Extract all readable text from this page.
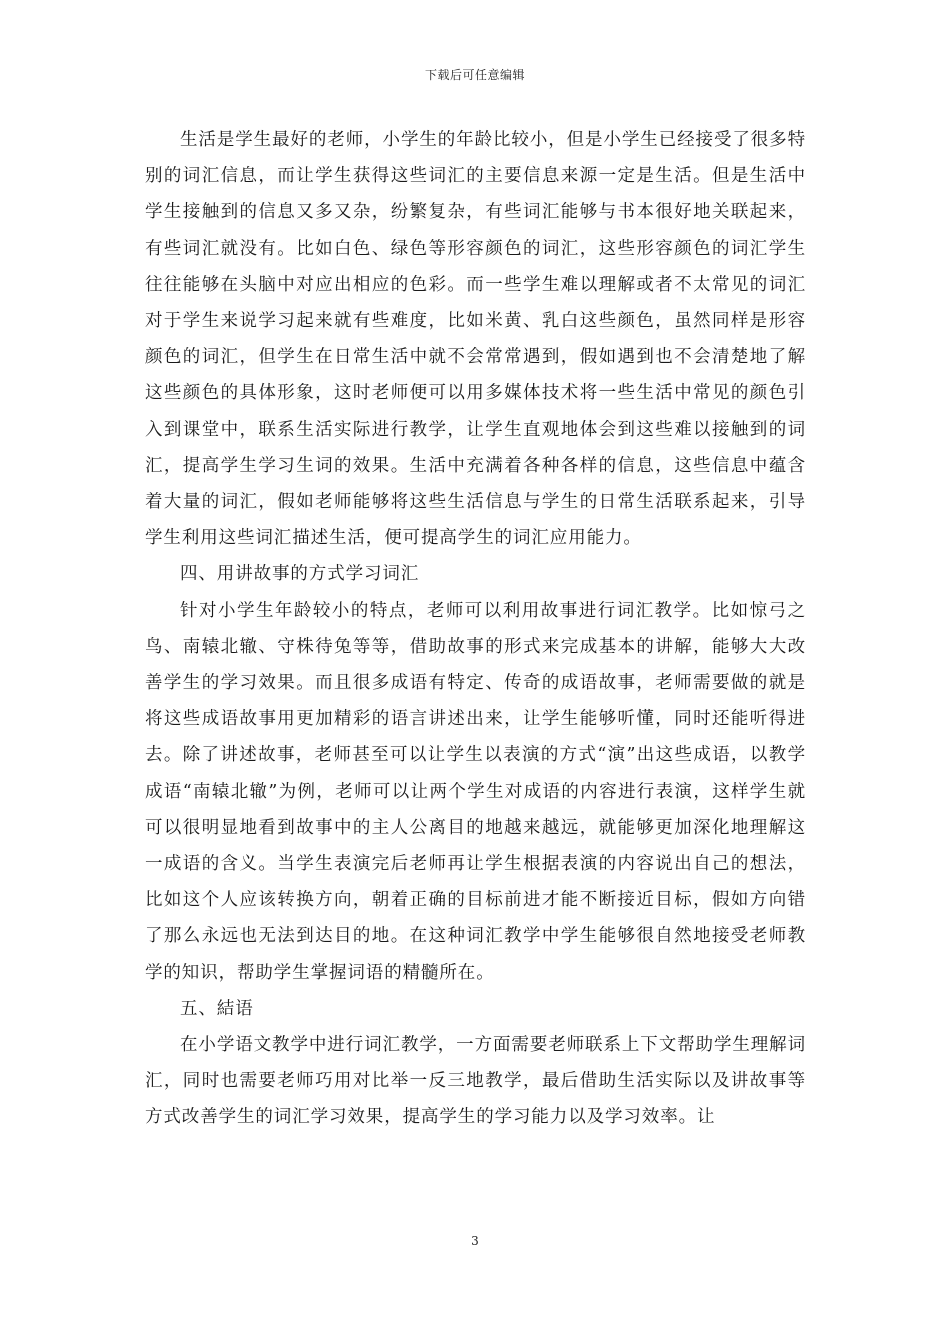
下载后可任意编辑

生活是学生最好的老师，小学生的年龄比较小，但是小学生已经接受了很多特别的词汇信息，而让学生获得这些词汇的主要信息来源一定是生活。但是生活中学生接触到的信息又多又杂，纷繁复杂，有些词汇能够与书本很好地关联起来，有些词汇就没有。比如白色、绿色等形容颜色的词汇，这些形容颜色的词汇学生往往能够在头脑中对应出相应的色彩。而一些学生难以理解或者不太常见的词汇对于学生来说学习起来就有些难度，比如米黄、乳白这些颜色，虽然同样是形容颜色的词汇，但学生在日常生活中就不会常常遇到，假如遇到也不会清楚地了解这些颜色的具体形象，这时老师便可以用多媒体技术将一些生活中常见的颜色引入到课堂中，联系生活实际进行教学，让学生直观地体会到这些难以接触到的词汇，提高学生学习生词的效果。生活中充满着各种各样的信息，这些信息中蕴含着大量的词汇，假如老师能够将这些生活信息与学生的日常生活联系起来，引导学生利用这些词汇描述生活，便可提高学生的词汇应用能力。

四、用讲故事的方式学习词汇

针对小学生年龄较小的特点，老师可以利用故事进行词汇教学。比如惊弓之鸟、南辕北辙、守株待兔等等，借助故事的形式来完成基本的讲解，能够大大改善学生的学习效果。而且很多成语有特定、传奇的成语故事，老师需要做的就是将这些成语故事用更加精彩的语言讲述出来，让学生能够听懂，同时还能听得进去。除了讲述故事，老师甚至可以让学生以表演的方式“演”出这些成语，以教学成语“南辕北辙”为例，老师可以让两个学生对成语的内容进行表演，这样学生就可以很明显地看到故事中的主人公离目的地越来越远，就能够更加深化地理解这一成语的含义。当学生表演完后老师再让学生根据表演的内容说出自己的想法，比如这个人应该转换方向，朝着正确的目标前进才能不断接近目标，假如方向错了那么永远也无法到达目的地。在这种词汇教学中学生能够很自然地接受老师教学的知识，帮助学生掌握词语的精髓所在。

五、結语

在小学语文教学中进行词汇教学，一方面需要老师联系上下文帮助学生理解词汇，同时也需要老师巧用对比举一反三地教学，最后借助生活实际以及讲故事等方式改善学生的词汇学习效果，提高学生的学习能力以及学习效率。让

3
